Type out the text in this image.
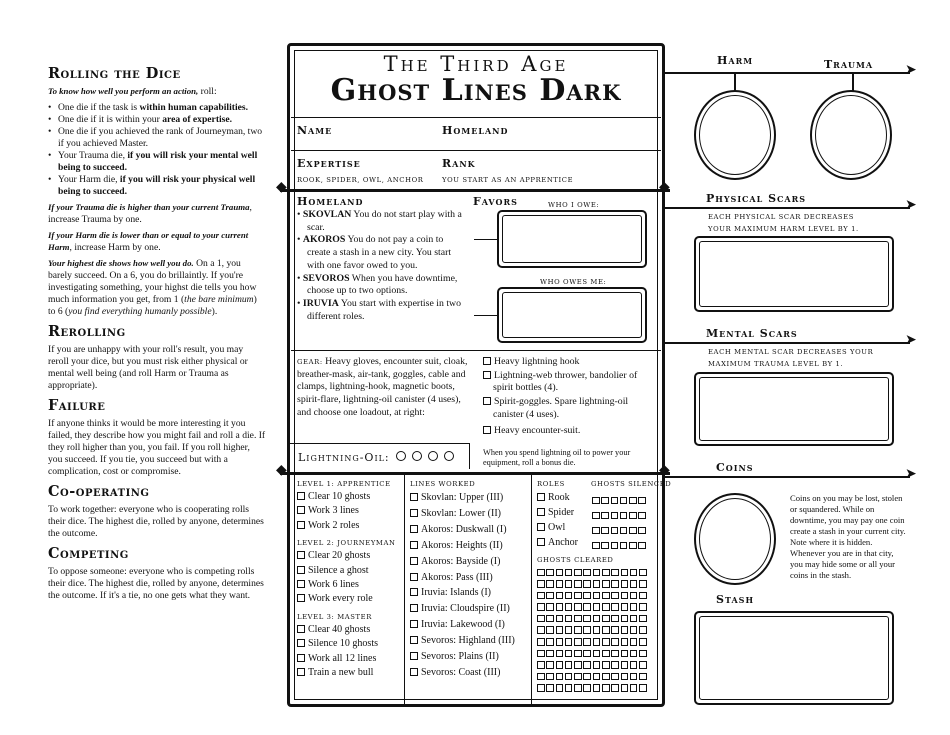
Rolling the Dice

To know how well you perform an action, roll:

• One die if the task is within human capabilities.
• One die if it is within your area of expertise.
• One die if you achieved the rank of Journeyman, two if you achieved Master.
• Your Trauma die, if you will risk your mental well being to succeed.
• Your Harm die, if you will risk your physical well being to succeed.

If your Trauma die is higher than your current Trauma, increase Trauma by one.

If your Harm die is lower than or equal to your current Harm, increase Harm by one.

Your highest die shows how well you do. On a 1, you barely succeed. On a 6, you do brillaintly. If you're investigating something, your highst die tells you how much information you get, from 1 (the bare minimum) to 6 (you find everything humanly possible).

Rerolling

If you are unhappy with your roll's result, you may reroll your dice, but you must risk either physical or mental well being (and roll Harm or Trauma as appropriate).

Failure

If anyone thinks it would be more interesting it you failed, they describe how you might fail and roll a die. If they roll higher than you, you fail. If you roll higher, you succeed. If you tie, you succeed but with a complication, cost or compromise.

Co-operating

To work together: everyone who is cooperating rolls their dice. The highest die, rolled by anyone, determines the outcome.

Competing

To oppose someone: everyone who is competing rolls their dice. The highest die, rolled by anyone, determines the outcome. If it's a tie, no one gets what they want.

The Third Age
Ghost Lines Dark
Name	Homeland
Expertise
ROOK, SPIDER, OWL, ANCHOR
Rank
YOU START AS AN APPRENTICE
◆	◆
Homeland
• SKOVLAN You do not start play with a scar.
• AKOROS You do not pay a coin to create a stash in a new city. You start with one favor owed to you.
• SEVOROS When you have downtime, choose up to two options.
• IRUVIA You start with expertise in two different roles.
Favors	WHO I OWE:
WHO OWES ME:
GEAR: Heavy gloves, encounter suit, cloak, breather-mask, air-tank, goggles, cable and clamps, lightning-hook, magnetic boots, spirit-flare, lightning-oil canister (4 uses), and choose one loadout, at right:
Lightning-Oil:
Heavy lightning hook
Lightning-web thrower, bandolier of spirit bottles (4).
Spirit-goggles. Spare lightning-oil canister (4 uses).
Heavy encounter-suit.
When you spend lightning oil to power your equipment, roll a bonus die.
◆	◆
LEVEL 1: APPRENTICE
Clear 10 ghosts
Work 3 lines
Work 2 roles
LEVEL 2: JOURNEYMAN
Clear 20 ghosts
Silence a ghost
Work 6 lines
Work every role
LEVEL 3: MASTER
Clear 40 ghosts
Silence 10 ghosts
Work all 12 lines
Train a new bull
LINES WORKED
Skovlan: Upper (III)
Skovlan: Lower (II)
Akoros: Duskwall (I)
Akoros: Heights (II)
Akoros: Bayside (I)
Akoros: Pass (III)
Iruvia: Islands (I)
Iruvia: Cloudspire (II)
Iruvia: Lakewood (I)
Sevoros: Highland (III)
Sevoros: Plains (II)
Sevoros: Coast (III)
ROLES	GHOSTS SILENCED
Rook
Spider
Owl
Anchor
GHOSTS CLEARED
Harm	Trauma ➤
Physical Scars	➤
EACH PHYSICAL SCAR DECREASES YOUR MAXIMUM HARM LEVEL BY 1.
Mental Scars	➤
EACH MENTAL SCAR DECREASES YOUR MAXIMUM TRAUMA LEVEL BY 1.
Coins	➤
Coins on you may be lost, stolen or squandered. While on downtime, you may pay one coin create a stash in your current city. Note where it is hidden. Whenever you are in that city, you may hide some or all your coins in the stash.
Stash
